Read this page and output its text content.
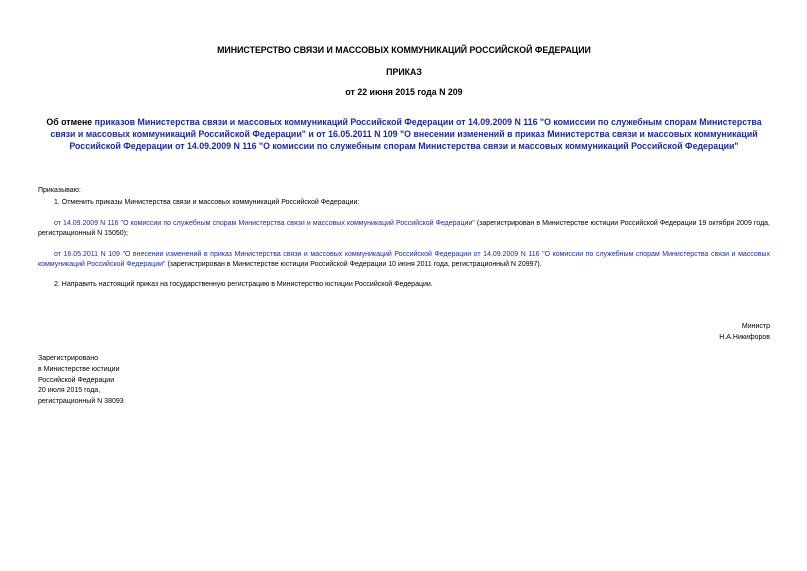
МИНИСТЕРСТВО СВЯЗИ И МАССОВЫХ КОММУНИКАЦИЙ РОССИЙСКОЙ ФЕДЕРАЦИИ
ПРИКАЗ
от 22 июня 2015 года N 209
Об отмене приказов Министерства связи и массовых коммуникаций Российской Федерации от 14.09.2009 N 116 "О комиссии по служебным спорам Министерства связи и массовых коммуникаций Российской Федерации" и от 16.05.2011 N 109 "О внесении изменений в приказ Министерства связи и массовых коммуникаций Российской Федерации от 14.09.2009 N 116 "О комиссии по служебным спорам Министерства связи и массовых коммуникаций Российской Федерации"
Приказываю:
1. Отменить приказы Министерства связи и массовых коммуникаций Российской Федерации:
от 14.09.2009 N 116 "О комиссии по служебным спорам Министерства связи и массовых коммуникаций Российской Федерации" (зарегистрирован в Министерстве юстиции Российской Федерации 19 октября 2009 года, регистрационный N 15050);
от 16.05.2011 N 109 "О внесении изменений в приказ Министерства связи и массовых коммуникаций Российской Федерации от 14.09.2009 N 116 "О комиссии по служебным спорам Министерства связи и массовых коммуникаций Российской Федерации" (зарегистрирован в Министерстве юстиции Российской Федерации 10 июня 2011 года, регистрационный N 20997).
2. Направить настоящий приказ на государственную регистрацию в Министерство юстиции Российской Федерации.
Министр
Н.А.Никифоров
Зарегистрировано
в Министерстве юстиции
Российской Федерации
20 июля 2015 года,
регистрационный N 38093
